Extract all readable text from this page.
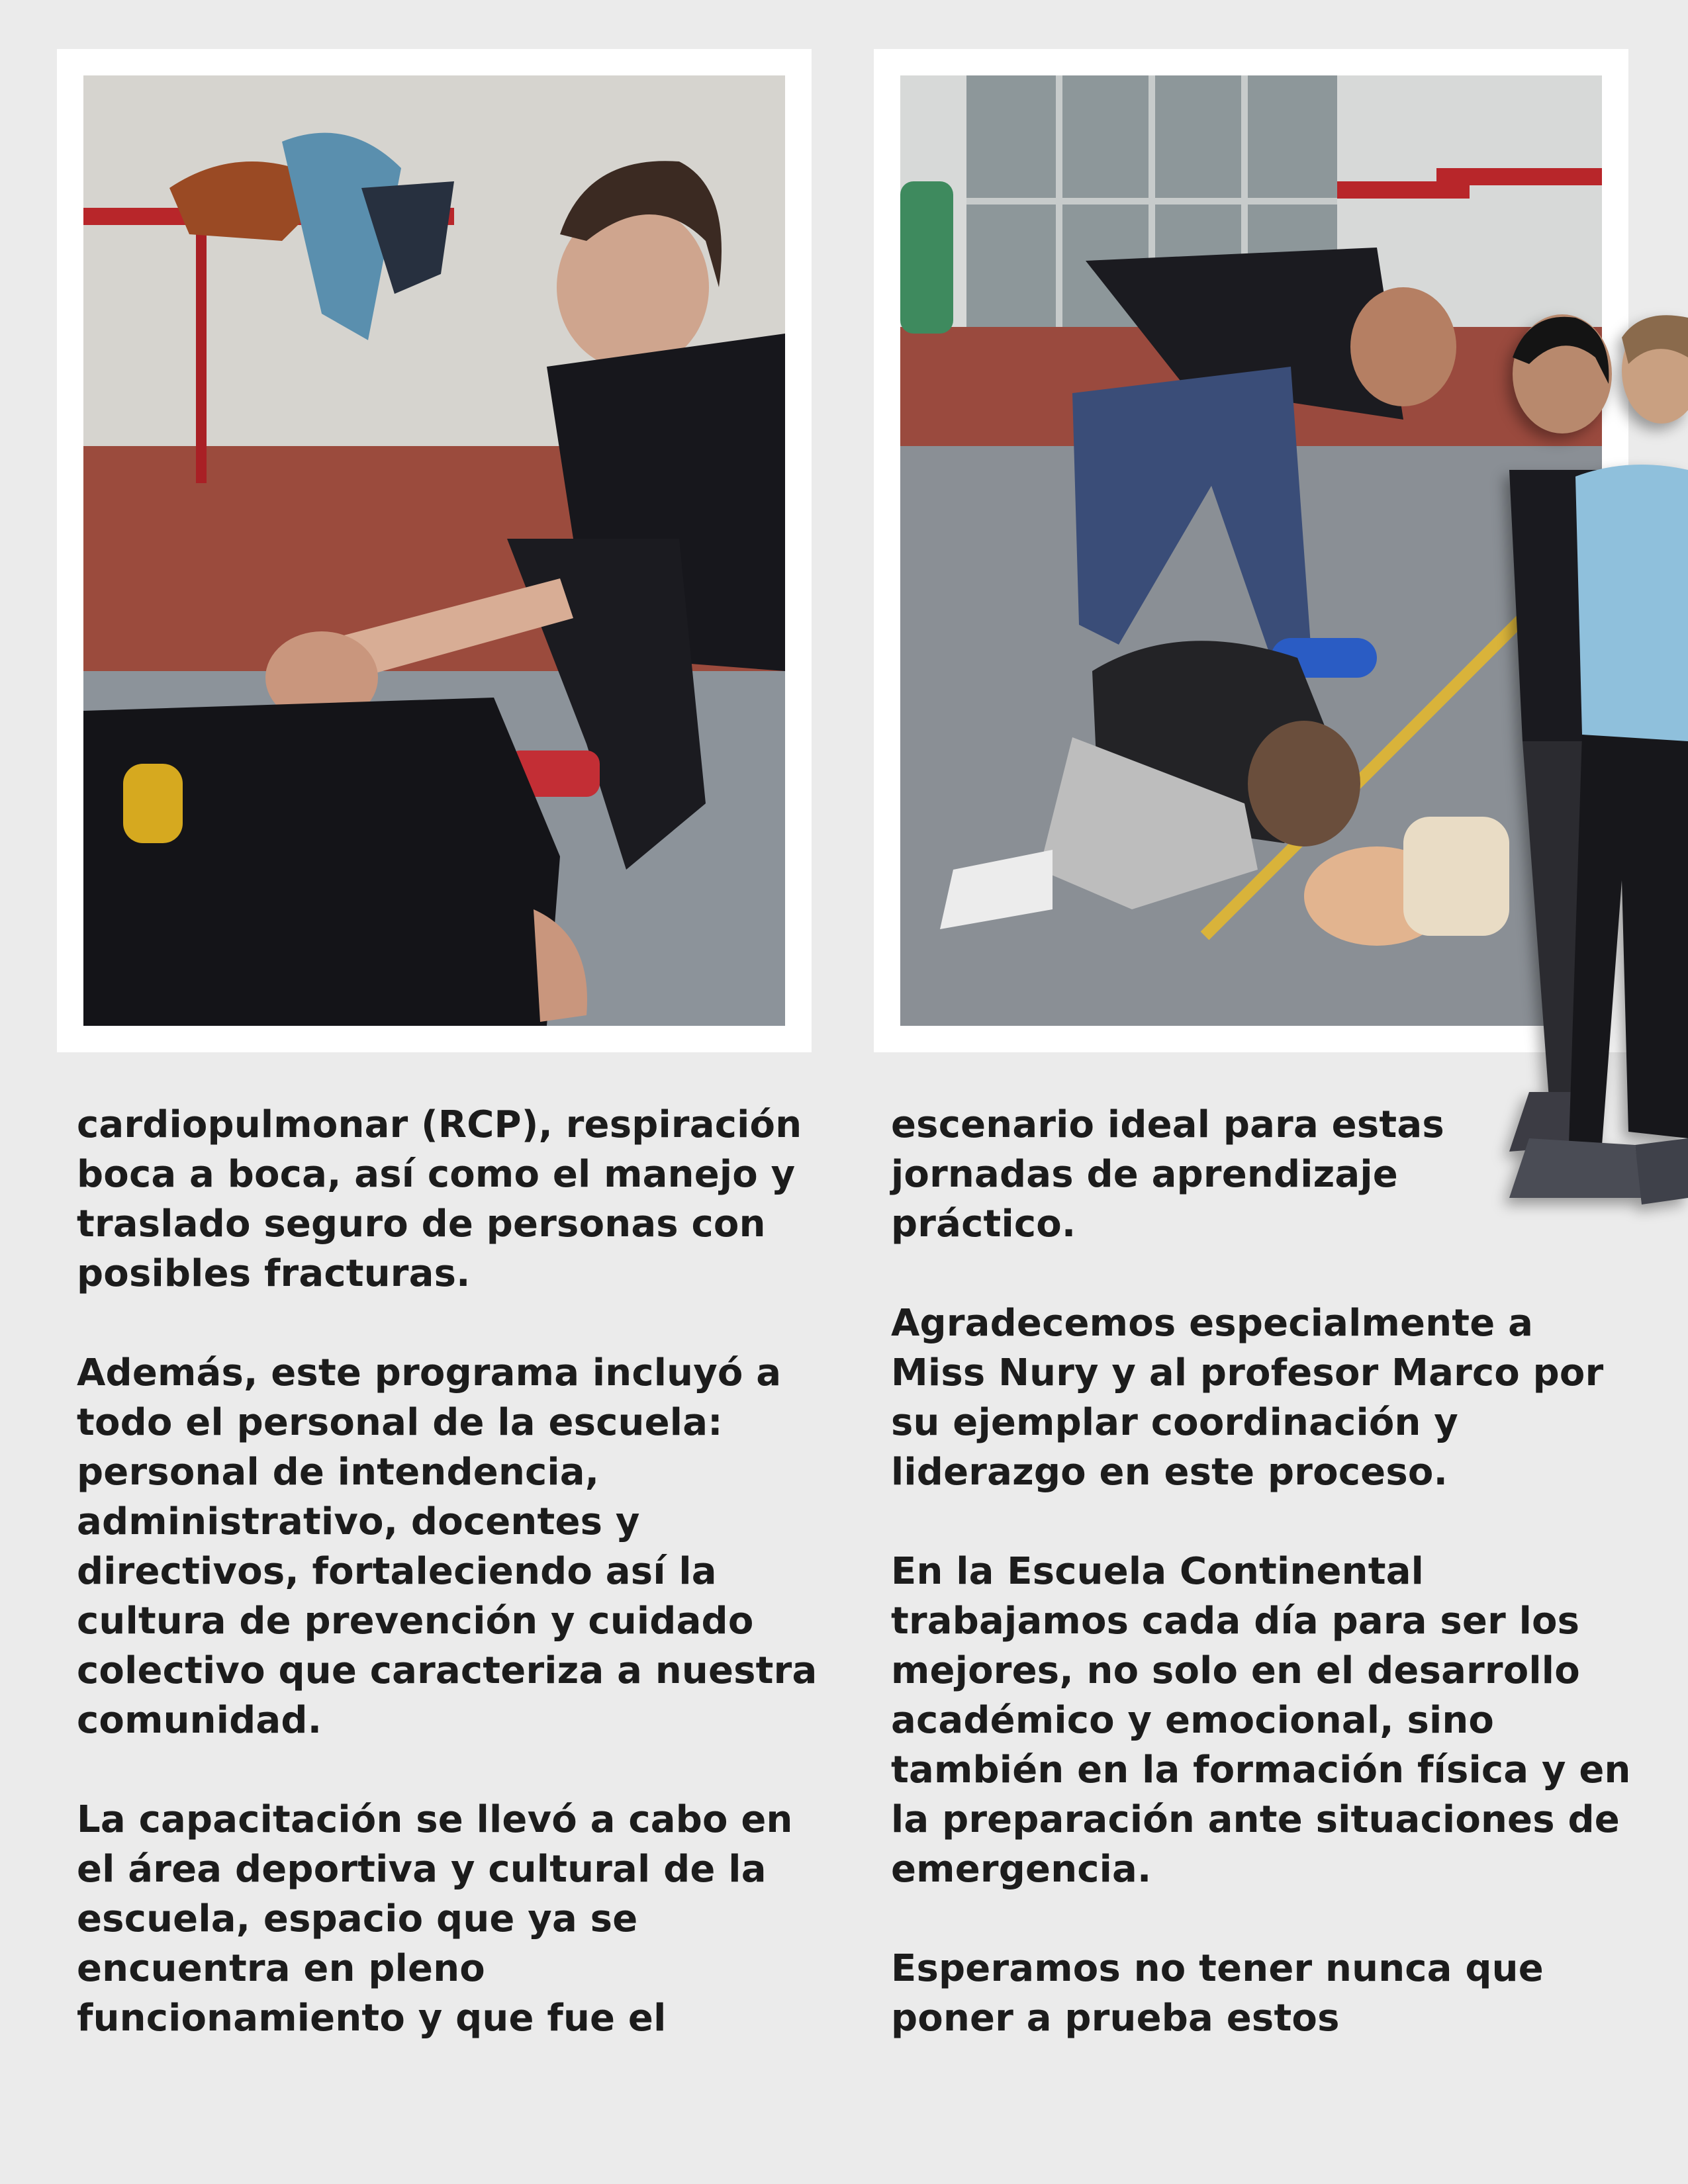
cardiopulmonar (RCP), respiración
boca a boca, así como el manejo y
traslado seguro de personas con
posibles fracturas.

Además, este programa incluyó a
todo el personal de la escuela:
personal de intendencia,
administrativo, docentes y
directivos, fortaleciendo así la
cultura de prevención y cuidado
colectivo que caracteriza a nuestra
comunidad.

La capacitación se llevó a cabo en
el área deportiva y cultural de la
escuela, espacio que ya se
encuentra en pleno
funcionamiento y que fue el

escenario ideal para estas
jornadas de aprendizaje
práctico.

Agradecemos especialmente a
Miss Nury y al profesor Marco por
su ejemplar coordinación y
liderazgo en este proceso.

En la Escuela Continental
trabajamos cada día para ser los
mejores, no solo en el desarrollo
académico y emocional, sino
también en la formación física y en
la preparación ante situaciones de
emergencia.

Esperamos no tener nunca que
poner a prueba estos
